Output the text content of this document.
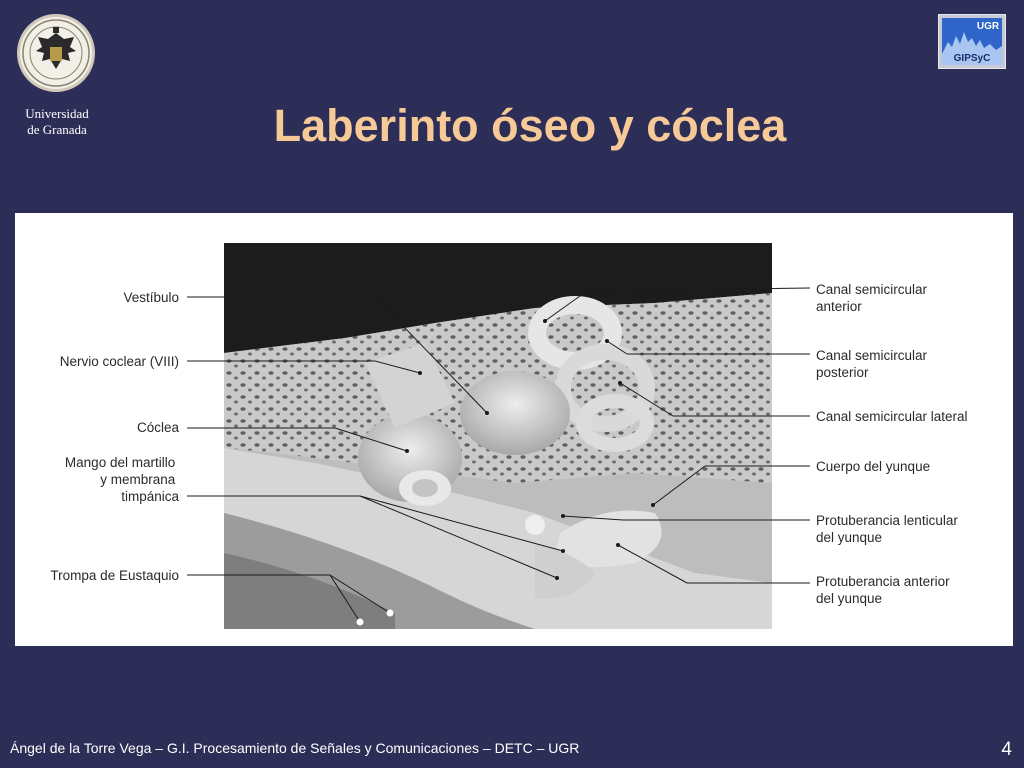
Universidad
de Granada
UGR
GIPSyC
Laberinto óseo y cóclea
Vestíbulo
Nervio coclear (VIII)
Cóclea
Mango del martillo y membrana timpánica
Trompa de Eustaquio
Canal semicircular anterior
Canal semicircular posterior
Canal semicircular lateral
Cuerpo del yunque
Protuberancia lenticular del yunque
Protuberancia anterior del yunque
Ángel de la Torre Vega – G.I. Procesamiento de Señales y Comunicaciones – DETC – UGR	4
